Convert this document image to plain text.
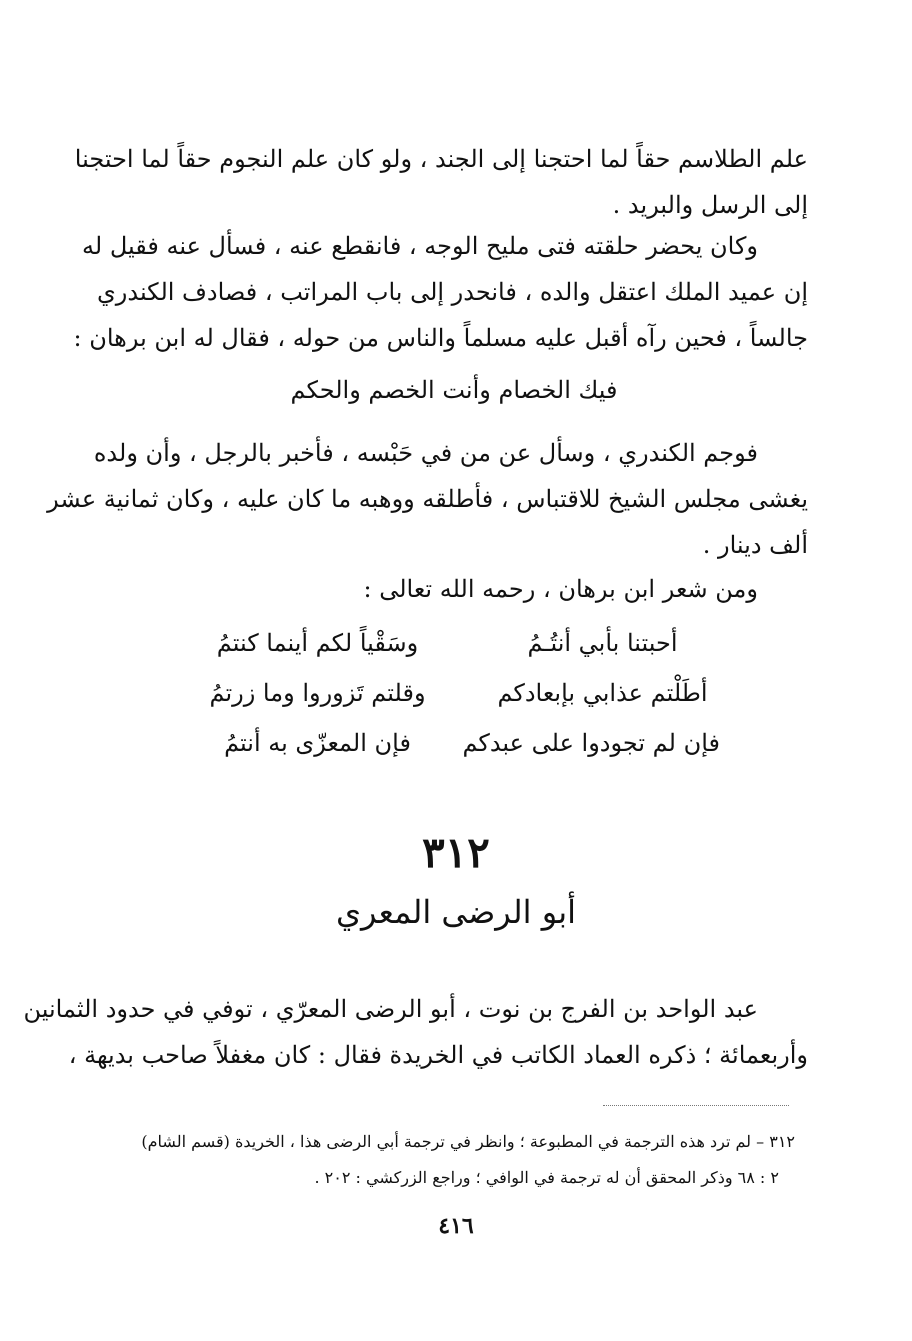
علم الطلاسم حقاً لما احتجنا إلى الجند ، ولو كان علم النجوم حقاً لما احتجنا
إلى الرسل والبريد .
وكان يحضر حلقته فتى مليح الوجه ، فانقطع عنه ، فسأل عنه فقيل له
إن عميد الملك اعتقل والده ، فانحدر إلى باب المراتب ، فصادف الكندري
جالساً ، فحين رآه أقبل عليه مسلماً والناس من حوله ، فقال له ابن برهان :
فيك الخصام وأنت الخصم والحكم
فوجم الكندري ، وسأل عن من في حَبْسه ، فأخبر بالرجل ، وأن ولده
يغشى مجلس الشيخ للاقتباس ، فأطلقه ووهبه ما كان عليه ، وكان ثمانية عشر
ألف دينار .
ومن شعر ابن برهان ، رحمه الله تعالى :
أحبتنا بأبي أنتُـمُ
وسَقْياً لكم أينما كنتمُ
أطَلْتم عذابي بإبعادكم
وقلتم تَزوروا وما زرتمُ
فإن لم تجودوا على عبدكم
فإن المعزّى به أنتمُ
٣١٢
أبو الرضى المعري
عبد الواحد بن الفرج بن نوت ، أبو الرضى المعرّي ، توفي في حدود الثمانين
وأربعمائة ؛ ذكره العماد الكاتب في الخريدة فقال : كان مغفلاً صاحب بديهة ،
٣١٢ – لم ترد هذه الترجمة في المطبوعة ؛ وانظر في ترجمة أبي الرضى هذا ، الخريدة (قسم الشام)
٢ : ٦٨ وذكر المحقق أن له ترجمة في الوافي ؛ وراجع الزركشي : ٢٠٢ .
٤١٦
